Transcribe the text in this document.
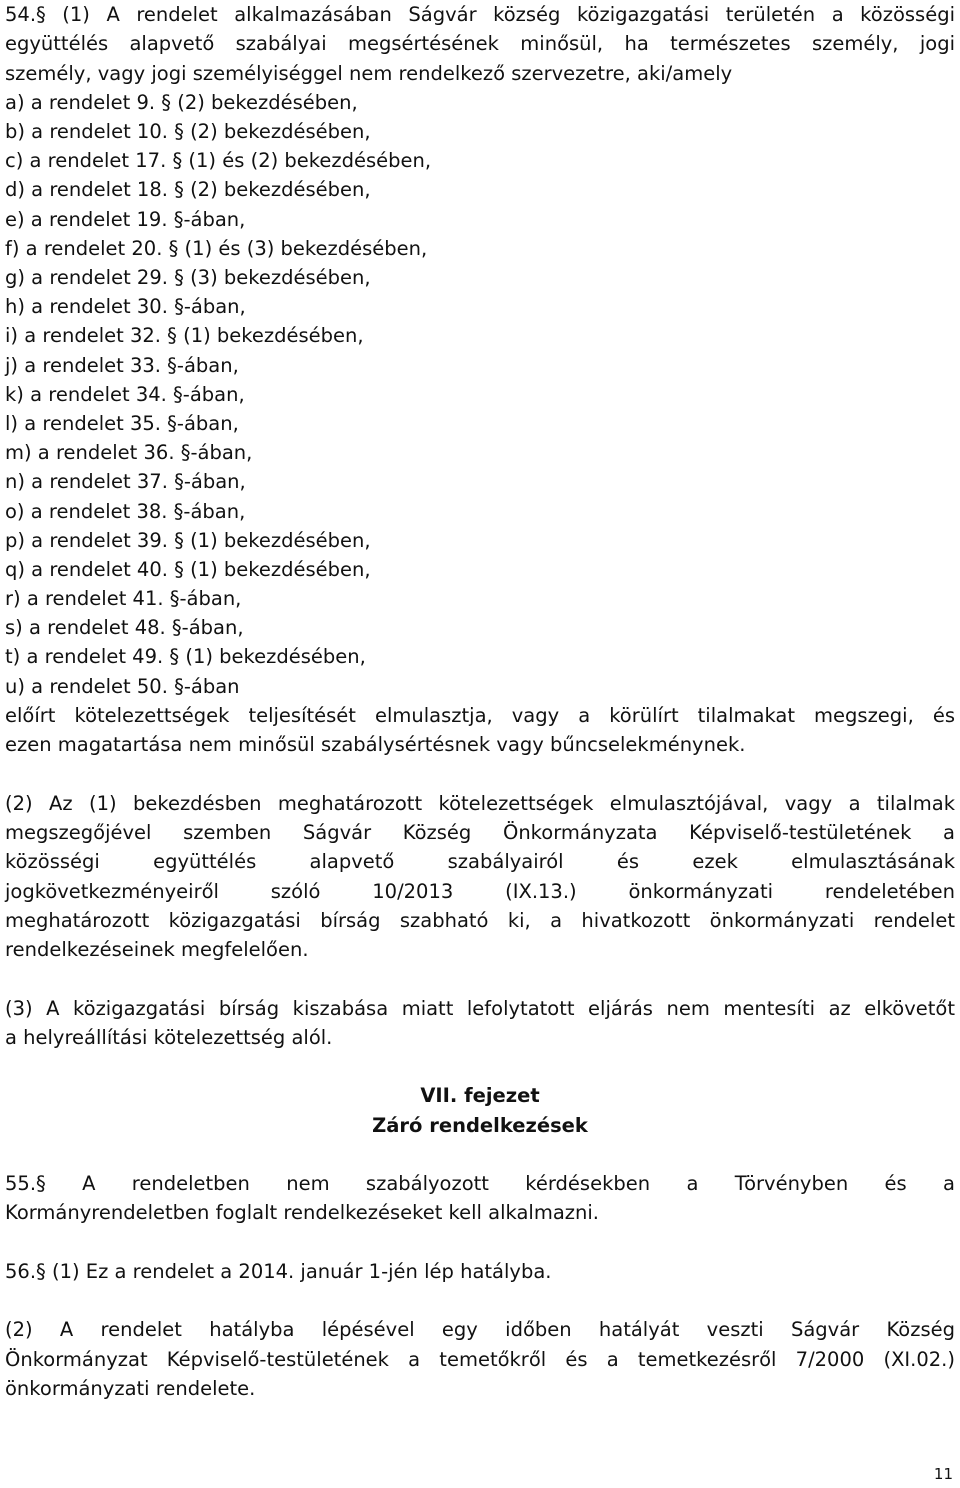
54.§ (1) A rendelet alkalmazásában Ságvár község közigazgatási területén a közösségi
együttélés alapvető szabályai megsértésének minősül, ha természetes személy, jogi
személy, vagy jogi személyiséggel nem rendelkező szervezetre, aki/amely
a) a rendelet 9. § (2) bekezdésében,
b) a rendelet 10. § (2) bekezdésében,
c) a rendelet 17. § (1) és (2) bekezdésében,
d) a rendelet 18. § (2) bekezdésében,
e) a rendelet 19. §-ában,
f) a rendelet 20. § (1) és (3) bekezdésében,
g) a rendelet 29. § (3) bekezdésében,
h) a rendelet 30. §-ában,
i) a rendelet 32. § (1) bekezdésében,
j) a rendelet 33. §-ában,
k) a rendelet 34. §-ában,
l) a rendelet 35. §-ában,
m) a rendelet 36. §-ában,
n) a rendelet 37. §-ában,
o) a rendelet 38. §-ában,
p) a rendelet 39. § (1) bekezdésében,
q) a rendelet 40. § (1) bekezdésében,
r) a rendelet 41. §-ában,
s) a rendelet 48. §-ában,
t) a rendelet 49. § (1) bekezdésében,
u) a rendelet 50. §-ában
előírt kötelezettségek teljesítését elmulasztja, vagy a körülírt tilalmakat megszegi, és
ezen magatartása nem minősül szabálysértésnek vagy bűncselekménynek.
(2) Az (1) bekezdésben meghatározott kötelezettségek elmulasztójával, vagy a tilalmak
megszegőjével szemben Ságvár Község Önkormányzata Képviselő-testületének a
közösségi együttélés alapvető szabályairól és ezek elmulasztásának
jogkövetkezményeiről szóló 10/2013 (IX.13.) önkormányzati rendeletében
meghatározott közigazgatási bírság szabható ki, a hivatkozott önkormányzati rendelet
rendelkezéseinek megfelelően.
(3) A közigazgatási bírság kiszabása miatt lefolytatott eljárás nem mentesíti az elkövetőt
a helyreállítási kötelezettség alól.
VII. fejezet
Záró rendelkezések
55.§ A rendeletben nem szabályozott kérdésekben a Törvényben és a
Kormányrendeletben foglalt rendelkezéseket kell alkalmazni.
56.§ (1) Ez a rendelet a 2014. január 1-jén lép hatályba.
(2) A rendelet hatályba lépésével egy időben hatályát veszti Ságvár Község
Önkormányzat Képviselő-testületének a temetőkről és a temetkezésről 7/2000 (XI.02.)
önkormányzati rendelete.
11
